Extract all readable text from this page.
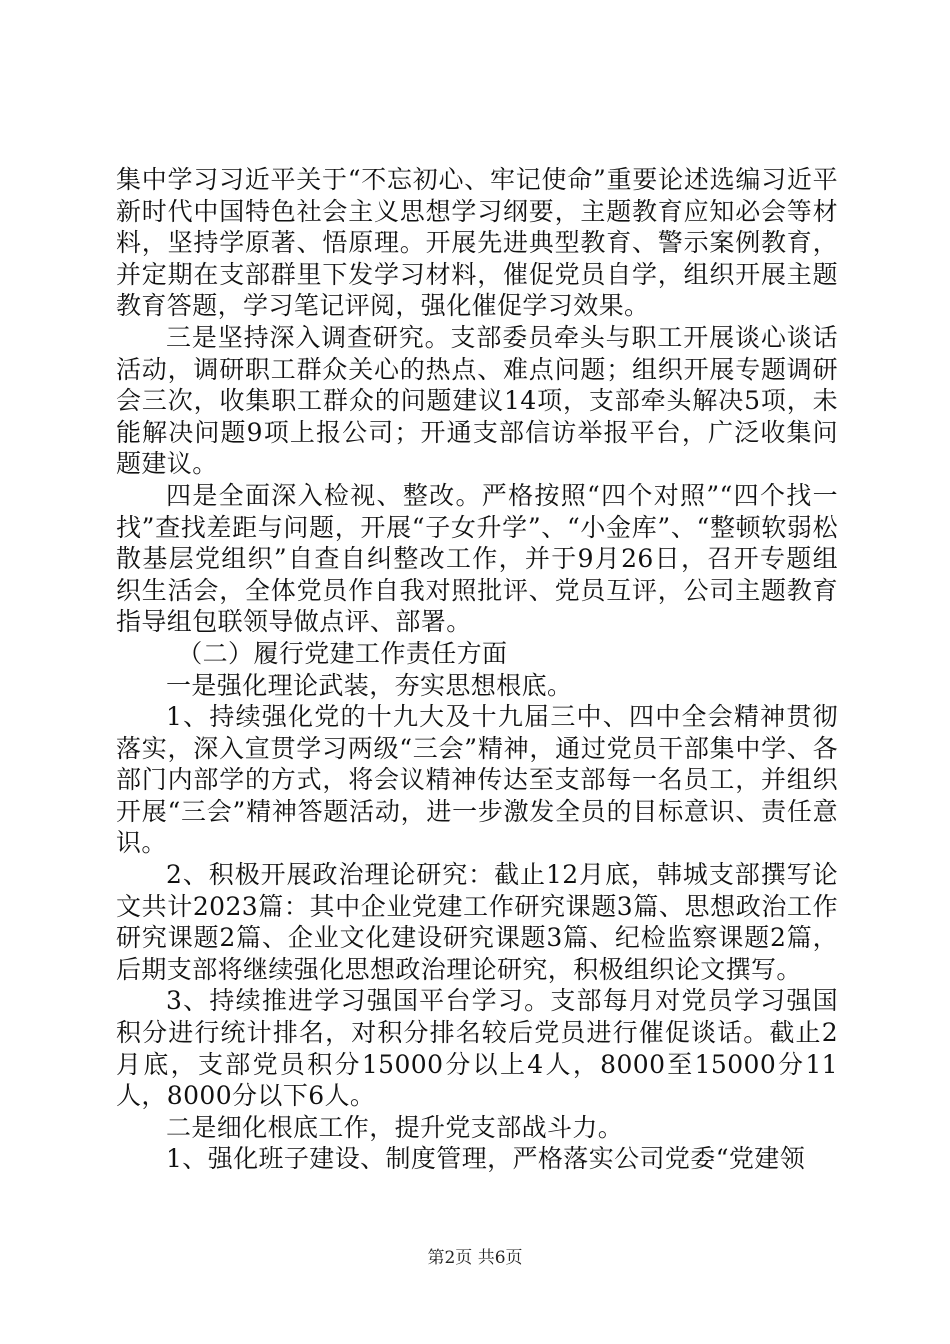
集中学习习近平关于“不忘初心、牢记使命”重要论述选编习近平新时代中国特色社会主义思想学习纲要，主题教育应知必会等材料，坚持学原著、悟原理。开展先进典型教育、警示案例教育，并定期在支部群里下发学习材料，催促党员自学，组织开展主题教育答题，学习笔记评阅，强化催促学习效果。

三是坚持深入调查研究。支部委员牵头与职工开展谈心谈话活动，调研职工群众关心的热点、难点问题；组织开展专题调研会三次，收集职工群众的问题建议14项，支部牵头解决5项，未能解决问题9项上报公司；开通支部信访举报平台，广泛收集问题建议。

四是全面深入检视、整改。严格按照“四个对照”“四个找一找”查找差距与问题，开展“子女升学”、“小金库”、“整顿软弱松散基层党组织”自查自纠整改工作，并于9月26日，召开专题组织生活会，全体党员作自我对照批评、党员互评，公司主题教育指导组包联领导做点评、部署。

（二）履行党建工作责任方面

一是强化理论武装，夯实思想根底。

1、持续强化党的十九大及十九届三中、四中全会精神贯彻落实，深入宣贯学习两级“三会”精神，通过党员干部集中学、各部门内部学的方式，将会议精神传达至支部每一名员工，并组织开展“三会”精神答题活动，进一步激发全员的目标意识、责任意识。

2、积极开展政治理论研究：截止12月底，韩城支部撰写论文共计2023篇：其中企业党建工作研究课题3篇、思想政治工作研究课题2篇、企业文化建设研究课题3篇、纪检监察课题2篇，后期支部将继续强化思想政治理论研究，积极组织论文撰写。

3、持续推进学习强国平台学习。支部每月对党员学习强国积分进行统计排名，对积分排名较后党员进行催促谈话。截止2月底，支部党员积分15000分以上4人，8000至15000分11人，8000分以下6人。

二是细化根底工作，提升党支部战斗力。

1、强化班子建设、制度管理，严格落实公司党委“党建领

第2页 共6页
